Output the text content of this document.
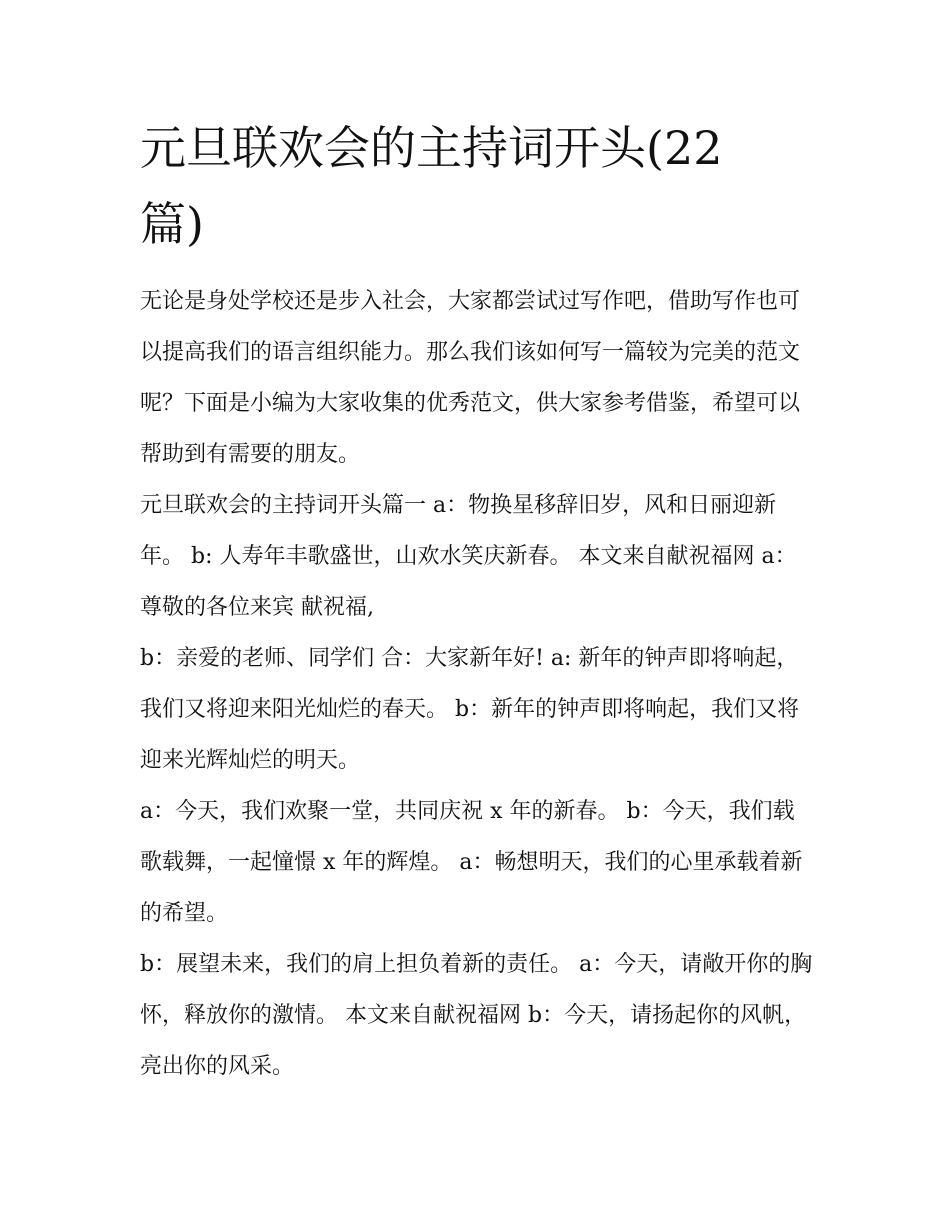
元旦联欢会的主持词开头(22篇)

无论是身处学校还是步入社会，大家都尝试过写作吧，借助写作也可以提高我们的语言组织能力。那么我们该如何写一篇较为完美的范文呢？下面是小编为大家收集的优秀范文，供大家参考借鉴，希望可以帮助到有需要的朋友。

元旦联欢会的主持词开头篇一 a：物换星移辞旧岁，风和日丽迎新年。 b: 人寿年丰歌盛世，山欢水笑庆新春。 本文来自献祝福网 a：尊敬的各位来宾 献祝福,

b：亲爱的老师、同学们 合：大家新年好! a: 新年的钟声即将响起，我们又将迎来阳光灿烂的春天。 b：新年的钟声即将响起，我们又将迎来光辉灿烂的明天。

a：今天，我们欢聚一堂，共同庆祝 x 年的新春。 b：今天，我们载歌载舞，一起憧憬 x 年的辉煌。 a：畅想明天，我们的心里承载着新的希望。

b：展望未来，我们的肩上担负着新的责任。 a：今天，请敞开你的胸怀，释放你的激情。 本文来自献祝福网 b：今天，请扬起你的风帆，亮出你的风采。
